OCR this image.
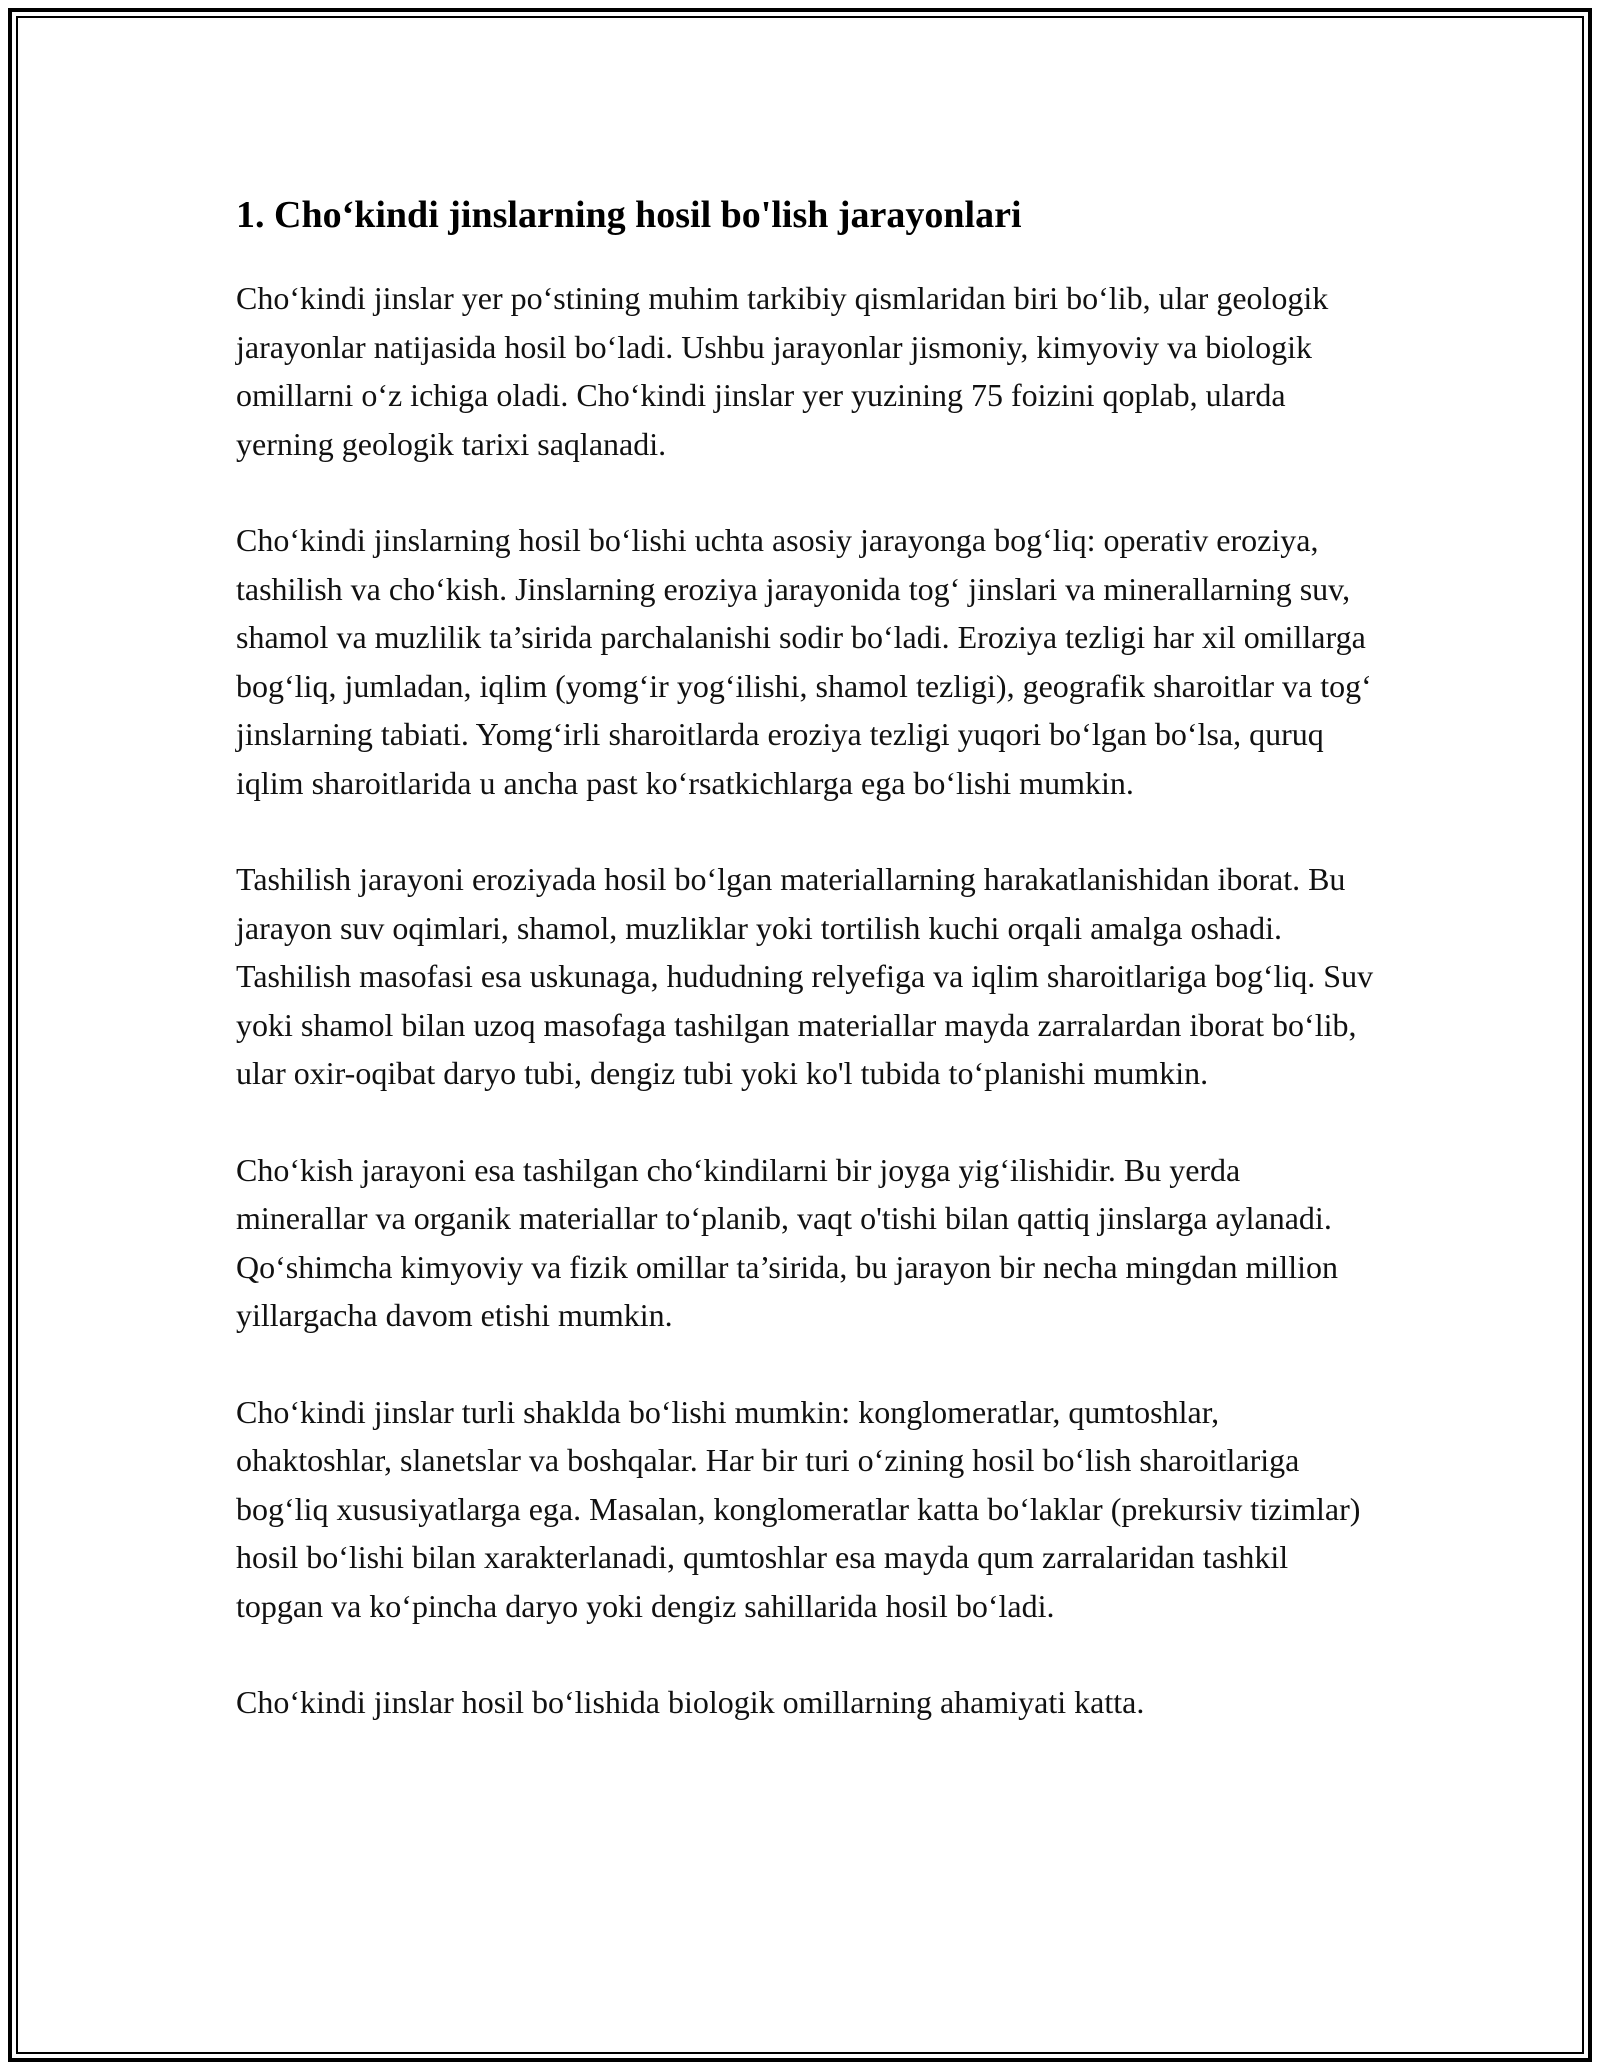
1. Cho‘kindi jinslarning hosil bo'lish jarayonlari

Cho‘kindi jinslar yer po‘stining muhim tarkibiy qismlaridan biri bo‘lib, ular geologik jarayonlar natijasida hosil bo‘ladi. Ushbu jarayonlar jismoniy, kimyoviy va biologik omillarni o‘z ichiga oladi. Cho‘kindi jinslar yer yuzining 75 foizini qoplab, ularda yerning geologik tarixi saqlanadi.

Cho‘kindi jinslarning hosil bo‘lishi uchta asosiy jarayonga bog‘liq: operativ eroziya, tashilish va cho‘kish. Jinslarning eroziya jarayonida tog‘ jinslari va minerallarning suv, shamol va muzlilik ta’sirida parchalanishi sodir bo‘ladi. Eroziya tezligi har xil omillarga bog‘liq, jumladan, iqlim (yomg‘ir yog‘ilishi, shamol tezligi), geografik sharoitlar va tog‘ jinslarning tabiati. Yomg‘irli sharoitlarda eroziya tezligi yuqori bo‘lgan bo‘lsa, quruq iqlim sharoitlarida u ancha past ko‘rsatkichlarga ega bo‘lishi mumkin.

Tashilish jarayoni eroziyada hosil bo‘lgan materiallarning harakatlanishidan iborat. Bu jarayon suv oqimlari, shamol, muzliklar yoki tortilish kuchi orqali amalga oshadi. Tashilish masofasi esa uskunaga, hududning relyefiga va iqlim sharoitlariga bog‘liq. Suv yoki shamol bilan uzoq masofaga tashilgan materiallar mayda zarralardan iborat bo‘lib, ular oxir-oqibat daryo tubi, dengiz tubi yoki ko'l tubida to‘planishi mumkin.

Cho‘kish jarayoni esa tashilgan cho‘kindilarni bir joyga yig‘ilishidir. Bu yerda minerallar va organik materiallar to‘planib, vaqt o'tishi bilan qattiq jinslarga aylanadi. Qo‘shimcha kimyoviy va fizik omillar ta’sirida, bu jarayon bir necha mingdan million yillargacha davom etishi mumkin.

Cho‘kindi jinslar turli shaklda bo‘lishi mumkin: konglomeratlar, qumtoshlar, ohaktoshlar, slanetslar va boshqalar. Har bir turi o‘zining hosil bo‘lish sharoitlariga bog‘liq xususiyatlarga ega. Masalan, konglomeratlar katta bo‘laklar (prekursiv tizimlar) hosil bo‘lishi bilan xarakterlanadi, qumtoshlar esa mayda qum zarralaridan tashkil topgan va ko‘pincha daryo yoki dengiz sahillarida hosil bo‘ladi.

Cho‘kindi jinslar hosil bo‘lishida biologik omillarning ahamiyati katta.
